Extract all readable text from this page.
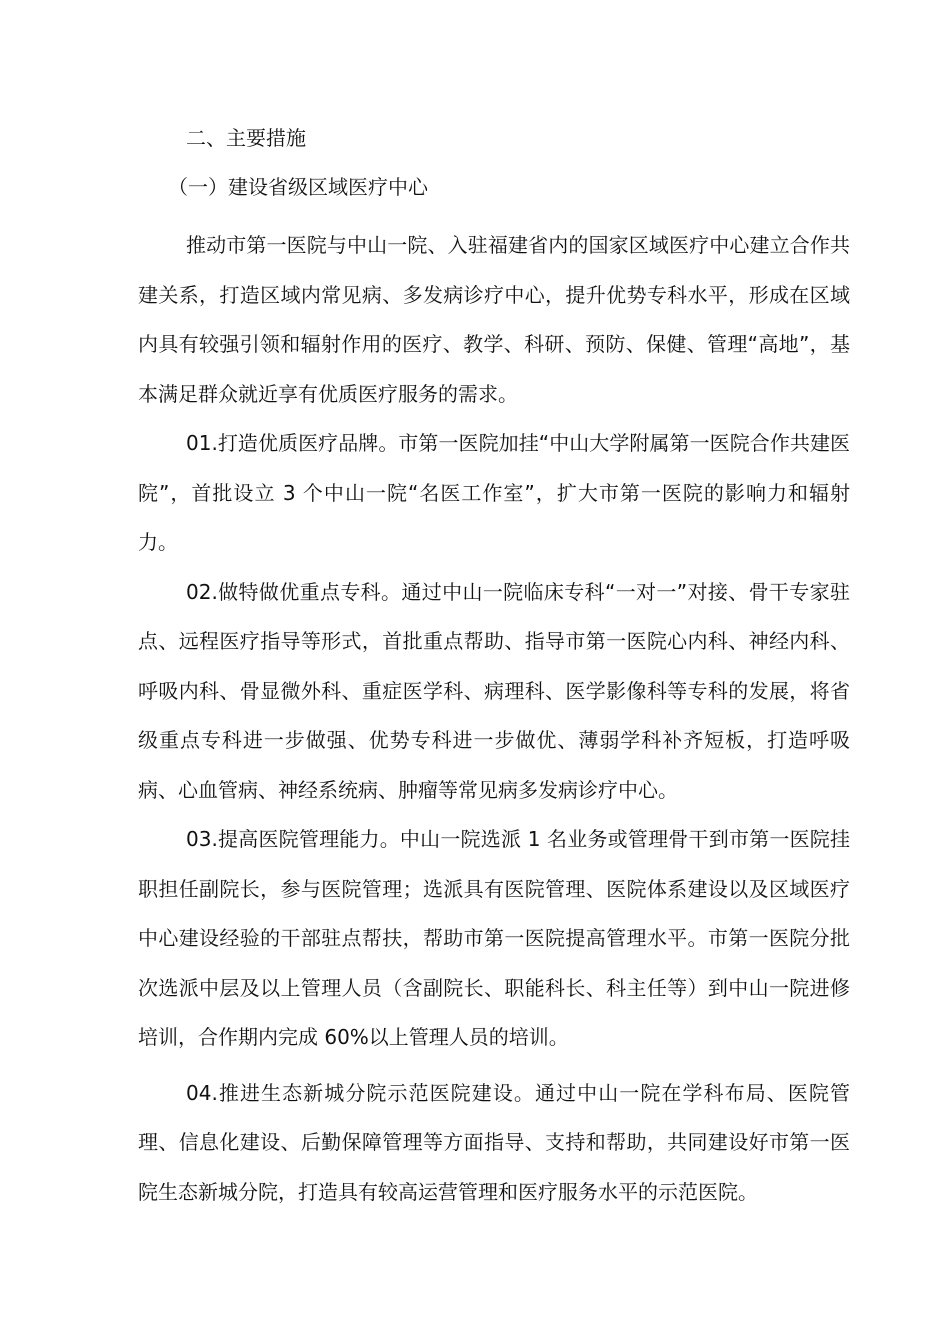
二、主要措施

（一）建设省级区域医疗中心

推动市第一医院与中山一院、入驻福建省内的国家区域医疗中心建立合作共建关系，打造区域内常见病、多发病诊疗中心，提升优势专科水平，形成在区域内具有较强引领和辐射作用的医疗、教学、科研、预防、保健、管理“高地”，基本满足群众就近享有优质医疗服务的需求。

01.打造优质医疗品牌。市第一医院加挂“中山大学附属第一医院合作共建医院”，首批设立 3 个中山一院“名医工作室”，扩大市第一医院的影响力和辐射力。

02.做特做优重点专科。通过中山一院临床专科“一对一”对接、骨干专家驻点、远程医疗指导等形式，首批重点帮助、指导市第一医院心内科、神经内科、呼吸内科、骨显微外科、重症医学科、病理科、医学影像科等专科的发展，将省级重点专科进一步做强、优势专科进一步做优、薄弱学科补齐短板，打造呼吸病、心血管病、神经系统病、肿瘤等常见病多发病诊疗中心。

03.提高医院管理能力。中山一院选派 1 名业务或管理骨干到市第一医院挂职担任副院长，参与医院管理；选派具有医院管理、医院体系建设以及区域医疗中心建设经验的干部驻点帮扶，帮助市第一医院提高管理水平。市第一医院分批次选派中层及以上管理人员（含副院长、职能科长、科主任等）到中山一院进修培训，合作期内完成 60%以上管理人员的培训。

04.推进生态新城分院示范医院建设。通过中山一院在学科布局、医院管理、信息化建设、后勤保障管理等方面指导、支持和帮助，共同建设好市第一医院生态新城分院，打造具有较高运营管理和医疗服务水平的示范医院。
